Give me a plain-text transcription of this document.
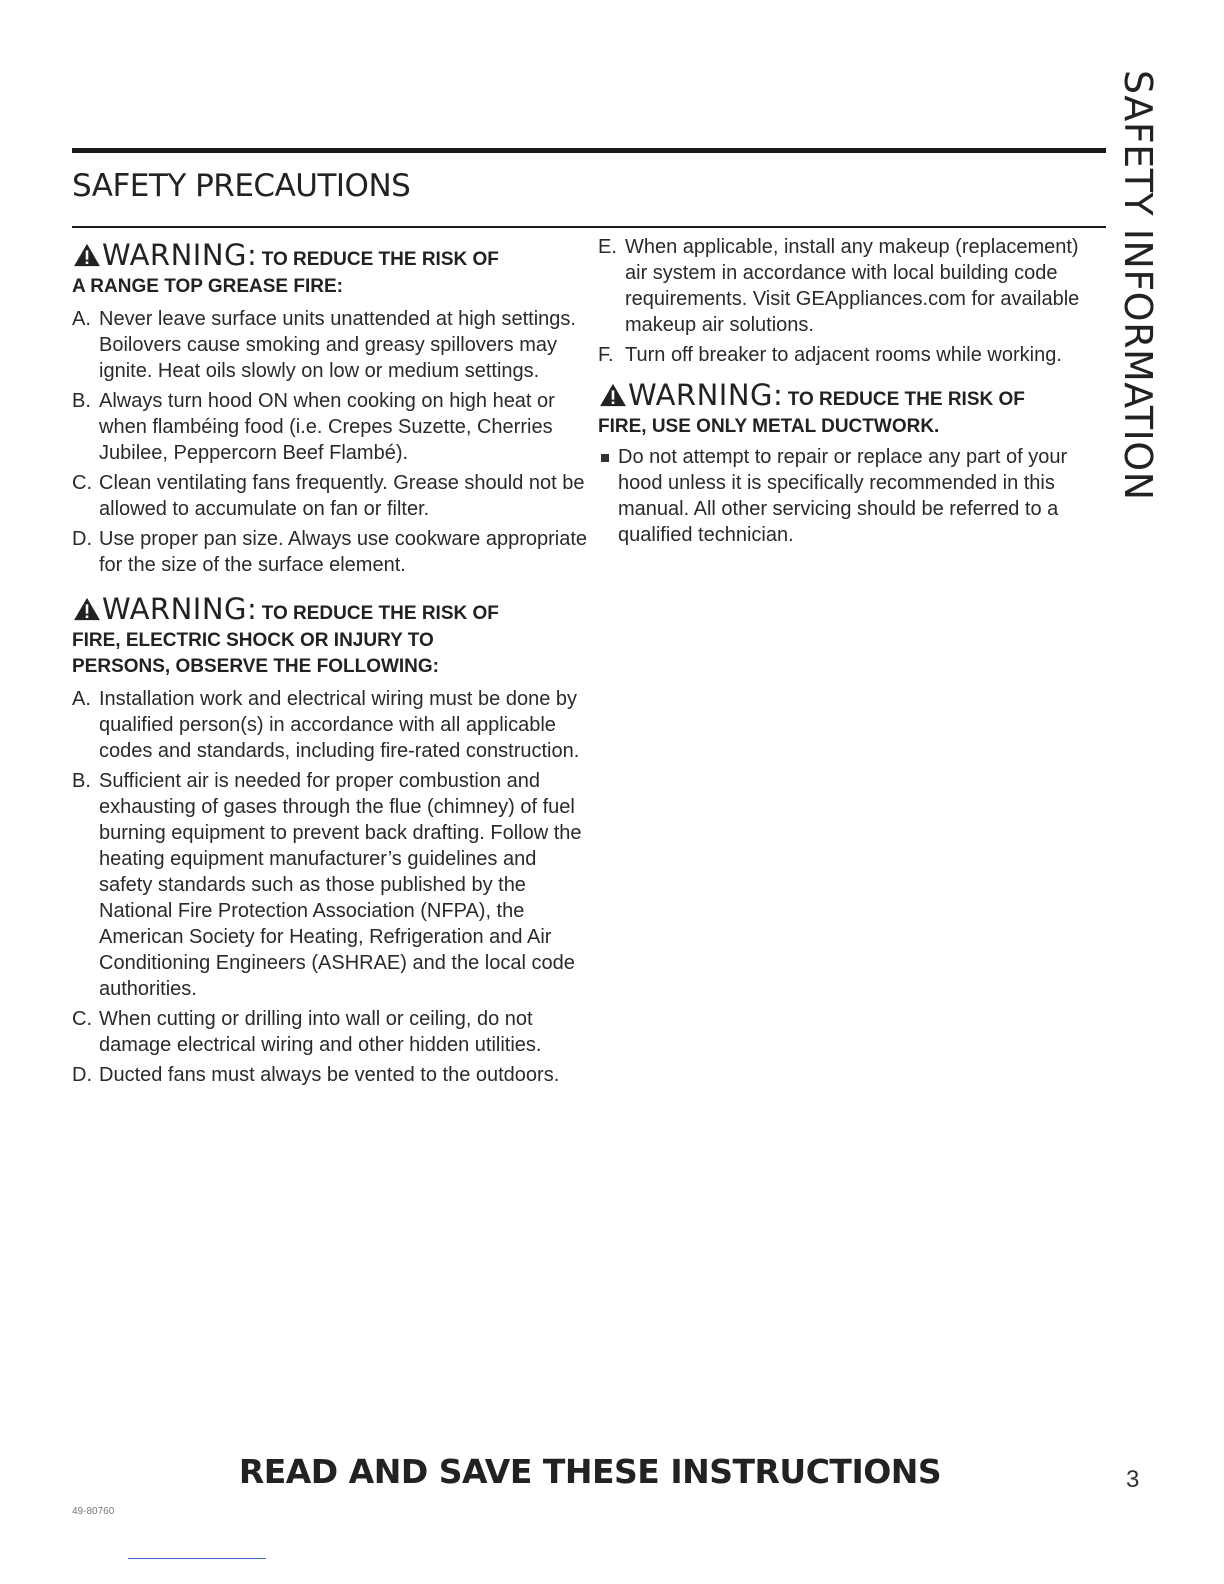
SAFETY PRECAUTIONS	SAFETY INFORMATION

WARNING: TO REDUCE THE RISK OF
A RANGE TOP GREASE FIRE:

A. Never leave surface units unattended at high settings. Boilovers cause smoking and greasy spillovers may ignite. Heat oils slowly on low or medium settings.
B. Always turn hood ON when cooking on high heat or when flambéing food (i.e. Crepes Suzette, Cherries Jubilee, Peppercorn Beef Flambé).
C. Clean ventilating fans frequently. Grease should not be allowed to accumulate on fan or filter.
D. Use proper pan size. Always use cookware appropriate for the size of the surface element.

WARNING: TO REDUCE THE RISK OF
FIRE, ELECTRIC SHOCK OR INJURY TO PERSONS, OBSERVE THE FOLLOWING:

A. Installation work and electrical wiring must be done by qualified person(s) in accordance with all applicable codes and standards, including fire-rated construction.
B. Sufficient air is needed for proper combustion and exhausting of gases through the flue (chimney) of fuel burning equipment to prevent back drafting. Follow the heating equipment manufacturer’s guidelines and safety standards such as those published by the National Fire Protection Association (NFPA), the American Society for Heating, Refrigeration and Air Conditioning Engineers (ASHRAE) and the local code authorities.
C. When cutting or drilling into wall or ceiling, do not damage electrical wiring and other hidden utilities.
D. Ducted fans must always be vented to the outdoors.
E. When applicable, install any makeup (replacement) air system in accordance with local building code requirements. Visit GEAppliances.com for available makeup air solutions.
F. Turn off breaker to adjacent rooms while working.

WARNING: TO REDUCE THE RISK OF
FIRE, USE ONLY METAL DUCTWORK.

Do not attempt to repair or replace any part of your hood unless it is specifically recommended in this manual. All other servicing should be referred to a qualified technician.
READ AND SAVE THESE INSTRUCTIONS
49-80760
3
